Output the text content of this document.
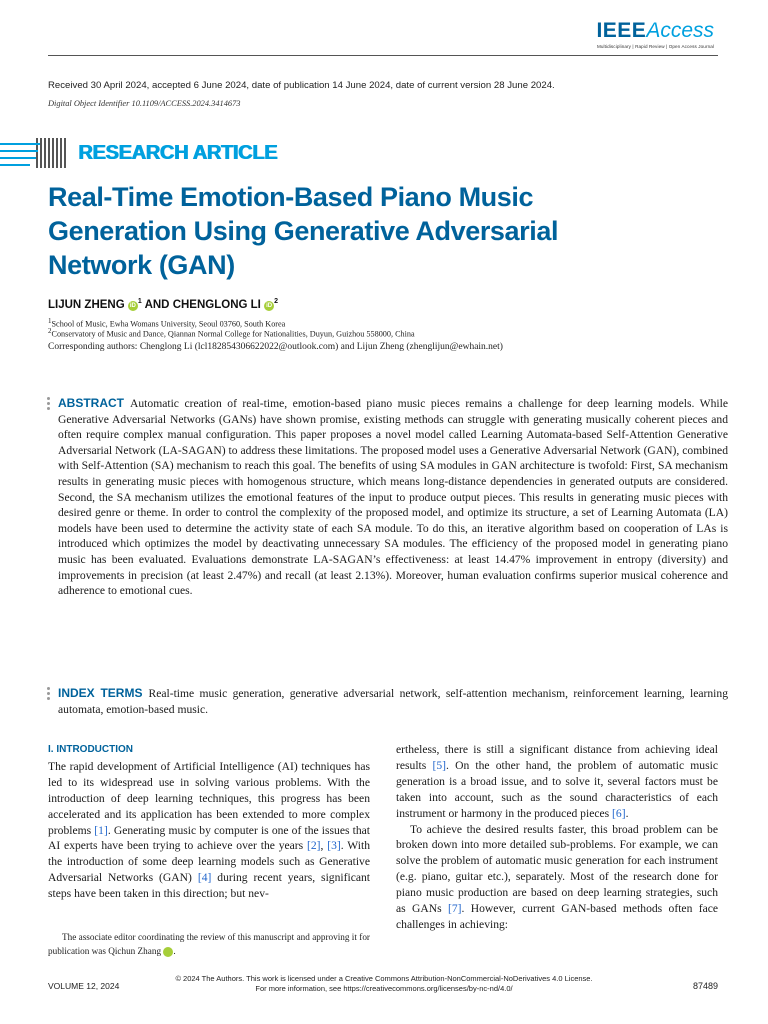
IEEEAccess
Multidisciplinary | Rapid Review | Open Access Journal
Received 30 April 2024, accepted 6 June 2024, date of publication 14 June 2024, date of current version 28 June 2024.
Digital Object Identifier 10.1109/ACCESS.2024.3414673
RESEARCH ARTICLE
Real-Time Emotion-Based Piano Music Generation Using Generative Adversarial Network (GAN)
LIJUN ZHENG $iD^1$ AND CHENGLONG LI $iD^2$
$^1$School of Music, Ewha Womans University, Seoul 03760, South Korea
$^2$Conservatory of Music and Dance, Qiannan Normal College for Nationalities, Duyun, Guizhou 558000, China
Corresponding authors: Chenglong Li (lcl182854306622022@outlook.com) and Lijun Zheng (zhenglijun@ewhain.net)
ABSTRACT Automatic creation of real-time, emotion-based piano music pieces remains a challenge for deep learning models. While Generative Adversarial Networks (GANs) have shown promise, existing methods can struggle with generating musically coherent pieces and often require complex manual configuration. This paper proposes a novel model called Learning Automata-based Self-Attention Generative Adversarial Network (LA-SAGAN) to address these limitations. The proposed model uses a Generative Adversarial Network (GAN), combined with Self-Attention (SA) mechanism to reach this goal. The benefits of using SA modules in GAN architecture is twofold: First, SA mechanism results in generating music pieces with homogenous structure, which means long-distance dependencies in generated outputs are considered. Second, the SA mechanism utilizes the emotional features of the input to produce output pieces. This results in generating music pieces with desired genre or theme. In order to control the complexity of the proposed model, and optimize its structure, a set of Learning Automata (LA) models have been used to determine the activity state of each SA module. To do this, an iterative algorithm based on cooperation of LAs is introduced which optimizes the model by deactivating unnecessary SA modules. The efficiency of the proposed model in generating piano music has been evaluated. Evaluations demonstrate LA-SAGAN’s effectiveness: at least 14.47% improvement in entropy (diversity) and improvements in precision (at least 2.47%) and recall (at least 2.13%). Moreover, human evaluation confirms superior musical coherence and adherence to emotional cues.
INDEX TERMS Real-time music generation, generative adversarial network, self-attention mechanism, reinforcement learning, learning automata, emotion-based music.
I. INTRODUCTION

The rapid development of Artificial Intelligence (AI) techniques has led to its widespread use in solving various problems. With the introduction of deep learning techniques, this progress has been accelerated and its application has been extended to more complex problems [1]. Generating music by computer is one of the issues that AI experts have been trying to achieve over the years [2], [3]. With the introduction of some deep learning models such as Generative Adversarial Networks (GAN) [4] during recent years, significant steps have been taken in this direction; but nev-

The associate editor coordinating the review of this manuscript and approving it for publication was Qichun Zhang	iD.

ertheless, there is still a significant distance from achieving ideal results [5]. On the other hand, the problem of automatic music generation is a broad issue, and to solve it, several factors must be taken into account, such as the sound characteristics of each instrument or harmony in the produced pieces [6].

To achieve the desired results faster, this broad problem can be broken down into more detailed sub-problems. For example, we can solve the problem of automatic music generation for each instrument (e.g. piano, guitar etc.), separately. Most of the research done for piano music production are based on deep learning strategies, such as GANs [7]. However, current GAN-based methods often face challenges in achieving:

© 2024 The Authors. This work is licensed under a Creative Commons Attribution-NonCommercial-NoDerivatives 4.0 License.
For more information, see https://creativecommons.org/licenses/by-nc-nd/4.0/
VOLUME 12, 2024	87489
